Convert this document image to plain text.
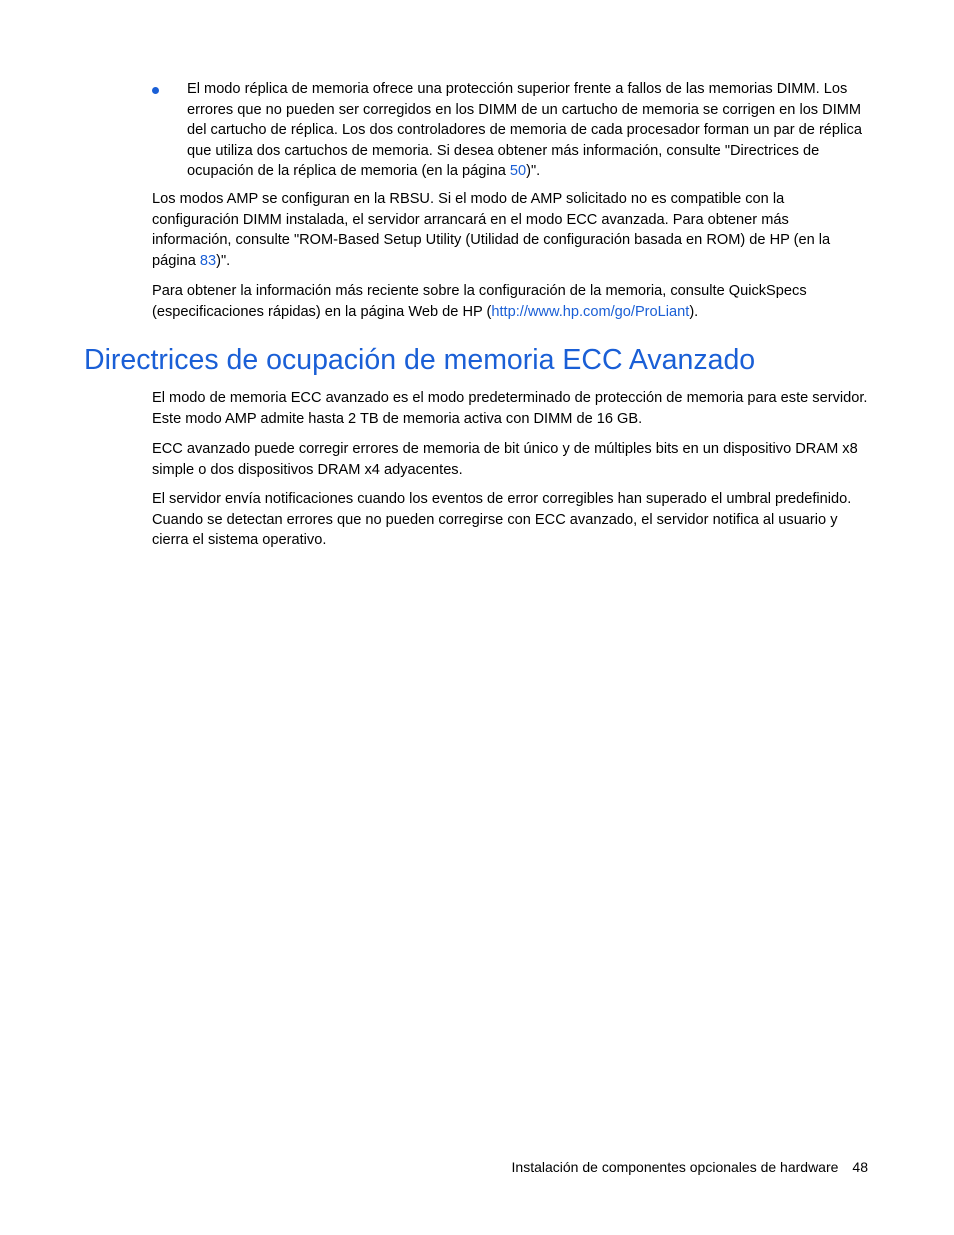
El modo réplica de memoria ofrece una protección superior frente a fallos de las memorias DIMM. Los errores que no pueden ser corregidos en los DIMM de un cartucho de memoria se corrigen en los DIMM del cartucho de réplica. Los dos controladores de memoria de cada procesador forman un par de réplica que utiliza dos cartuchos de memoria. Si desea obtener más información, consulte "Directrices de ocupación de la réplica de memoria (en la página 50)".

Los modos AMP se configuran en la RBSU. Si el modo de AMP solicitado no es compatible con la configuración DIMM instalada, el servidor arrancará en el modo ECC avanzada. Para obtener más información, consulte "ROM-Based Setup Utility (Utilidad de configuración basada en ROM) de HP (en la página 83)".

Para obtener la información más reciente sobre la configuración de la memoria, consulte QuickSpecs (especificaciones rápidas) en la página Web de HP (http://www.hp.com/go/ProLiant).

Directrices de ocupación de memoria ECC Avanzado

El modo de memoria ECC avanzado es el modo predeterminado de protección de memoria para este servidor. Este modo AMP admite hasta 2 TB de memoria activa con DIMM de 16 GB.

ECC avanzado puede corregir errores de memoria de bit único y de múltiples bits en un dispositivo DRAM x8 simple o dos dispositivos DRAM x4 adyacentes.

El servidor envía notificaciones cuando los eventos de error corregibles han superado el umbral predefinido. Cuando se detectan errores que no pueden corregirse con ECC avanzado, el servidor notifica al usuario y cierra el sistema operativo.

Instalación de componentes opcionales de hardware 48
